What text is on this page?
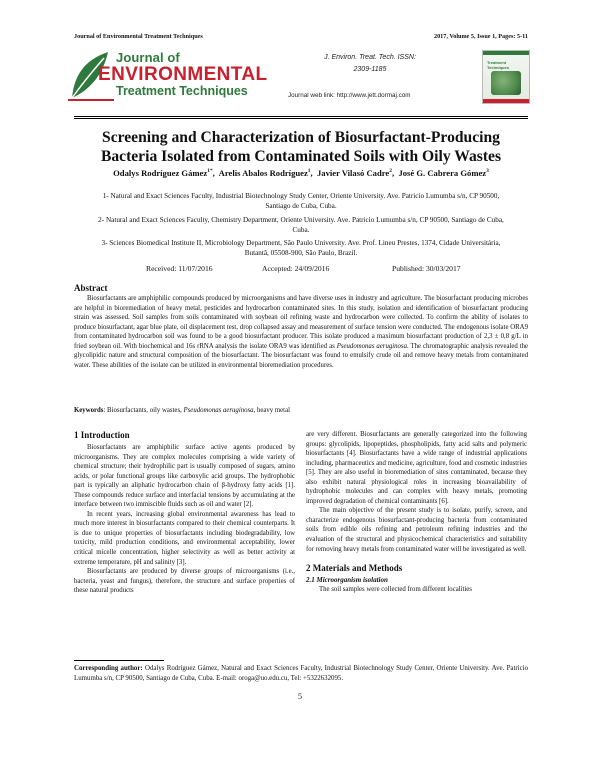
Journal of Environmental Treatment Techniques	2017, Volume 5, Issue 1, Pages: 5-11
Journal of
ENVIRONMENTAL
Treatment Techniques
J. Environ. Treat. Tech. ISSN:
2309-1185
Journal web link: http://www.jett.dormaj.com
Treatment Techniques
Screening and Characterization of Biosurfactant-Producing
Bacteria Isolated from Contaminated Soils with Oily Wastes
Odalys Rodríguez Gámez$^{1*}$,  Arelis Abalos Rodríguez$^1$,  Javier Vilasó Cadre$^2$,  José G. Cabrera Gómez$^3$

1- Natural and Exact Sciences Faculty, Industrial Biotechnology Study Center, Oriente University. Ave. Patricio Lumumba s/n, CP 90500, Santiago de Cuba, Cuba.

2- Natural and Exact Sciences Faculty, Chemistry Department, Oriente University. Ave. Patricio Lumumba s/n, CP 90500, Santiago de Cuba, Cuba.

3- Sciences Biomedical Institute II, Microbiology Department, São Paulo University. Ave. Prof. Lineu Prestes, 1374, Cidade Universitária, Butantã, 05508-900, São Paulo, Brazil.

Received: 11/07/2016	Accepted: 24/09/2016	Published: 30/03/2017
Abstract
Biosurfactants are amphiphilic compounds produced by microorganisms and have diverse uses in industry and agriculture. The biosurfactant producing microbes are helpful in bioremediation of heavy metal, pesticides and hydrocarbon contaminated sites. In this study, isolation and identification of biosurfactant producing strain was assessed. Soil samples from soils contaminated with soybean oil refining waste and hydrocarbon were collected. To confirm the ability of isolates to produce biosurfactant, agar blue plate, oil displacement test, drop collapsed assay and measurement of surface tension were conducted. The endogenous isolate ORA9 from contaminated hydrocarbon soil was found to be a good biosurfactant producer. This isolate produced a maximum biosurfactant production of 2,3 ± 0,8 g/L in fried soybean oil. With biochemical and 16s rRNA analysis the isolate ORA9 was identified as Pseudomonas aeruginosa. The chromatographic analysis revealed the glycolipidic nature and structural composition of the biosurfactant. The biosurfactant was found to emulsify crude oil and remove heavy metals from contaminated water. These abilities of the isolate can be utilized in environmental bioremediation procedures.
Keywords: Biosurfactants, oily wastes, Pseudomonas aeruginosa, heavy metal
1 Introduction

Biosurfactants are amphiphilic surface active agents produced by microorganisms. They are complex molecules comprising a wide variety of chemical structure; their hydrophilic part is usually composed of sugars, amino acids, or polar functional groups like carboxylic acid groups. The hydrophobic part is typically an aliphatic hydrocarbon chain of β-hydroxy fatty acids [1]. These compounds reduce surface and interfacial tensions by accumulating at the interface between two immiscible fluids such as oil and water [2].

In recent years, increasing global environmental awareness has lead to much more interest in biosurfactants compared to their chemical counterparts. It is due to unique properties of biosurfactants including biodegradability, low toxicity, mild production conditions, and environmental acceptability, lower critical micelle concentration, higher selectivity as well as better activity at extreme temperature, pH and salinity [3].

Biosurfactants are produced by diverse groups of microorganisms (i.e., bacteria, yeast and fungus), therefore, the structure and surface properties of these natural products

are very different. Biosurfactants are generally categorized into the following groups: glycolipids, lipopeptides, phospholipids, fatty acid salts and polymeric biosurfactants [4]. Biosurfactants have a wide range of industrial applications including, pharmaceutics and medicine, agriculture, food and cosmetic industries [5]. They are also useful in bioremediation of sites contaminated, because they also exhibit natural physiological roles in increasing bioavailability of hydrophobic molecules and can complex with heavy metals, promoting improved degradation of chemical contaminants [6].

The main objective of the present study is to isolate, purify, screen, and characterize endogenous biosurfactant-producing bacteria from contaminated soils from edible oils refining and petroleum refining industries and the evaluation of the structural and physicochemical characteristics and suitability for removing heavy metals from contaminated water will be investigated as well.

2 Materials and Methods
2.1 Microorganism isolation

The soil samples were collected from different localities

Corresponding author: Odalys Rodríguez Gámez, Natural and Exact Sciences Faculty, Industrial Biotechnology Study Center, Oriente University. Ave. Patricio Lumumba s/n, CP 90500, Santiago de Cuba, Cuba. E-mail: oroga@uo.edu.cu, Tel: +5322632095.
5
